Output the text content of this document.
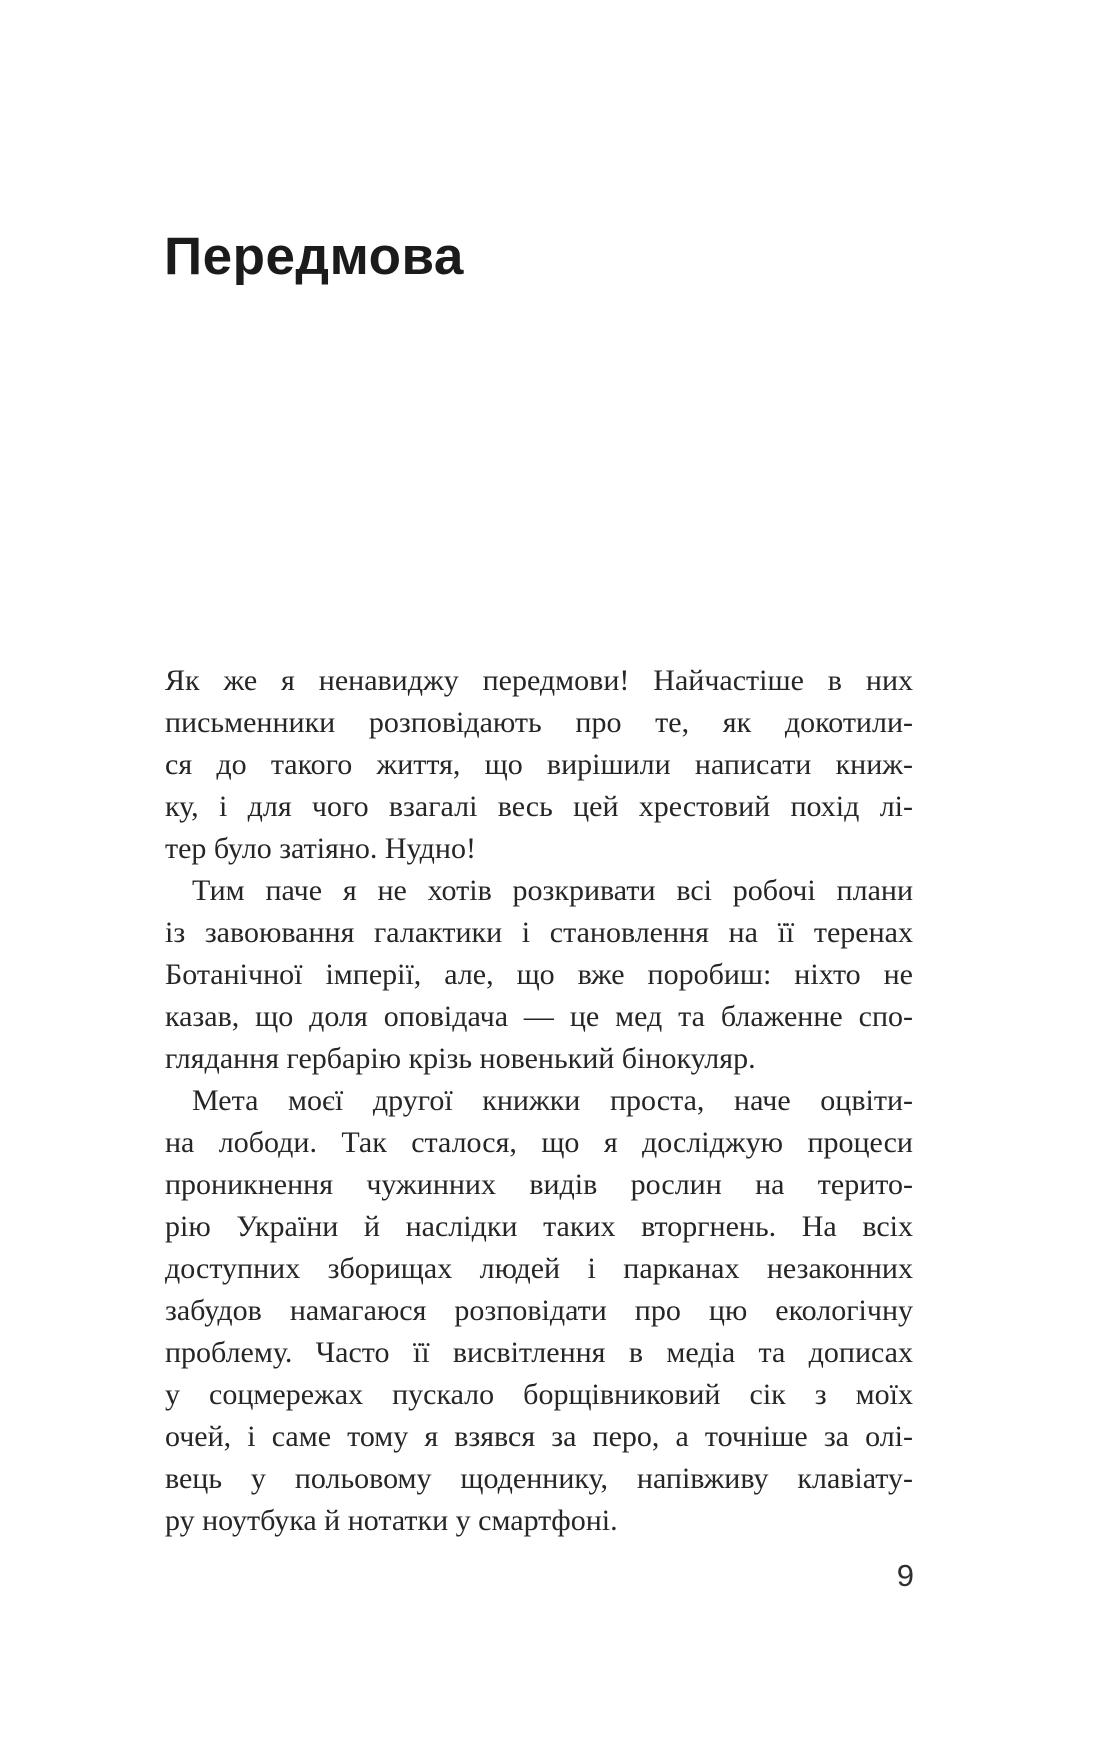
Передмова
Як же я ненавиджу передмови! Найчастіше в них
письменники розповідають про те, як докотили-
ся до такого життя, що вирішили написати книж-
ку, і для чого взагалі весь цей хрестовий похід лі-
тер було затіяно. Нудно!
Тим паче я не хотів розкривати всі робочі плани
із завоювання галактики і становлення на її теренах
Ботанічної імперії, але, що вже поробиш: ніхто не
казав, що доля оповідача — це мед та блаженне спо-
глядання гербарію крізь новенький бінокуляр.
Мета моєї другої книжки проста, наче оцвіти-
на лободи. Так сталося, що я досліджую процеси
проникнення чужинних видів рослин на терито-
рію України й наслідки таких вторгнень. На всіх
доступних зборищах людей і парканах незаконних
забудов намагаюся розповідати про цю екологічну
проблему. Часто її висвітлення в медіа та дописах
у соцмережах пускало борщівниковий сік з моїх
очей, і саме тому я взявся за перо, а точніше за олі-
вець у польовому щоденнику, напівживу клавіату-
ру ноутбука й нотатки у смартфоні.
9
